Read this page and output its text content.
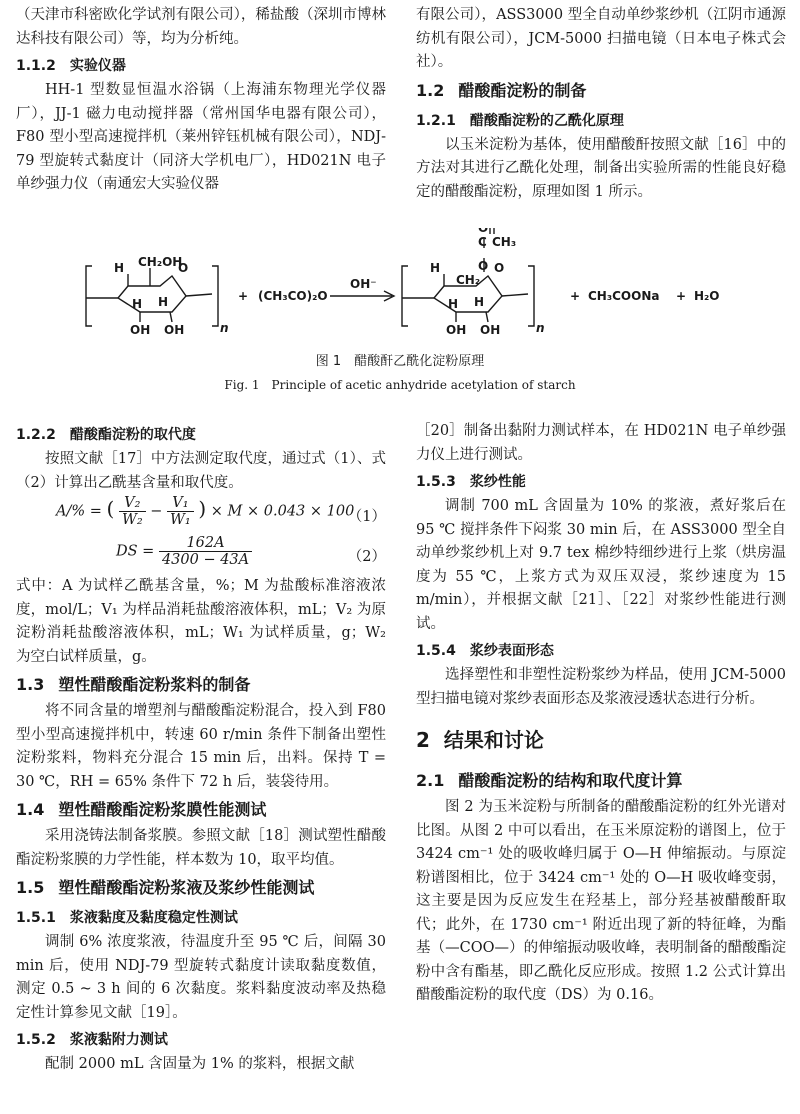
（天津市科密欧化学试剂有限公司），稀盐酸（深圳市博林达科技有限公司）等，均为分析纯。

1.1.2 实验仪器

HH-1 型数显恒温水浴锅（上海浦东物理光学仪器厂），JJ-1 磁力电动搅拌器（常州国华电器有限公司），F80 型小型高速搅拌机（莱州锌钰机械有限公司），NDJ-79 型旋转式黏度计（同济大学机电厂），HD021N 电子单纱强力仪（南通宏大实验仪器

有限公司），ASS3000 型全自动单纱浆纱机（江阴市通源纺机有限公司），JCM-5000 扫描电镜（日本电子株式会社）。

1.2 醋酸酯淀粉的制备
1.2.1 醋酸酯淀粉的乙酰化原理

以玉米淀粉为基体，使用醋酸酐按照文献［16］中的方法对其进行乙酰化处理，制备出实验所需的性能良好稳定的醋酸酯淀粉，原理如图 1 所示。

H CH₂OH
O
H H
OH OH	n
+ (CH₃CO)₂O
OH⁻
O
C CH₃
O
CH₂
H	O
H H
OH OH	n
+ CH₃COONa + H₂O
图 1　醋酸酐乙酰化淀粉原理
Fig. 1　Principle of acetic anhydride acetylation of starch
1.2.2 醋酸酯淀粉的取代度

按照文献［17］中方法测定取代度，通过式（1）、式（2）计算出乙酰基含量和取代度。

A/% = ( $\frac{\text{V₂}}{\text{W₂}} - \frac{\text{V₁}}{\text{W₁}}$ ) × M × 0.043 × 100
（1）
DS = $\frac{162A}{4300 - 43A}$	（2）

式中：A 为试样乙酰基含量，%；M 为盐酸标准溶液浓度，mol/L；V₁ 为样品消耗盐酸溶液体积，mL；V₂ 为原淀粉消耗盐酸溶液体积，mL；W₁ 为试样质量，g；W₂ 为空白试样质量，g。

1.3 塑性醋酸酯淀粉浆料的制备

将不同含量的增塑剂与醋酸酯淀粉混合，投入到 F80 型小型高速搅拌机中，转速 60 r/min 条件下制备出塑性淀粉浆料，物料充分混合 15 min 后，出料。保持 T = 30 ℃，RH = 65% 条件下 72 h 后，装袋待用。

1.4 塑性醋酸酯淀粉浆膜性能测试

采用浇铸法制备浆膜。参照文献［18］测试塑性醋酸酯淀粉浆膜的力学性能，样本数为 10，取平均值。

1.5 塑性醋酸酯淀粉浆液及浆纱性能测试
1.5.1 浆液黏度及黏度稳定性测试

调制 6% 浓度浆液，待温度升至 95 ℃ 后，间隔 30 min 后，使用 NDJ-79 型旋转式黏度计读取黏度数值，测定 0.5 ~ 3 h 间的 6 次黏度。浆料黏度波动率及热稳定性计算参见文献［19］。

1.5.2 浆液黏附力测试

配制 2000 mL 含固量为 1% 的浆料，根据文献

［20］制备出黏附力测试样本，在 HD021N 电子单纱强力仪上进行测试。

1.5.3 浆纱性能

调制 700 mL 含固量为 10% 的浆液，煮好浆后在 95 ℃ 搅拌条件下闷浆 30 min 后，在 ASS3000 型全自动单纱浆纱机上对 9.7 tex 棉纱特细纱进行上浆（烘房温度为 55 ℃，上浆方式为双压双浸，浆纱速度为 15 m/min），并根据文献［21］、［22］对浆纱性能进行测试。

1.5.4 浆纱表面形态

选择塑性和非塑性淀粉浆纱为样品，使用 JCM-5000 型扫描电镜对浆纱表面形态及浆液浸透状态进行分析。

2 结果和讨论
2.1 醋酸酯淀粉的结构和取代度计算

图 2 为玉米淀粉与所制备的醋酸酯淀粉的红外光谱对比图。从图 2 中可以看出，在玉米原淀粉的谱图上，位于 3424 cm⁻¹ 处的吸收峰归属于 O—H 伸缩振动。与原淀粉谱图相比，位于 3424 cm⁻¹ 处的 O—H 吸收峰变弱，这主要是因为反应发生在羟基上，部分羟基被醋酸酐取代；此外，在 1730 cm⁻¹ 附近出现了新的特征峰，为酯基（—COO—）的伸缩振动吸收峰，表明制备的醋酸酯淀粉中含有酯基，即乙酰化反应形成。按照 1.2 公式计算出醋酸酯淀粉的取代度（DS）为 0.16。
